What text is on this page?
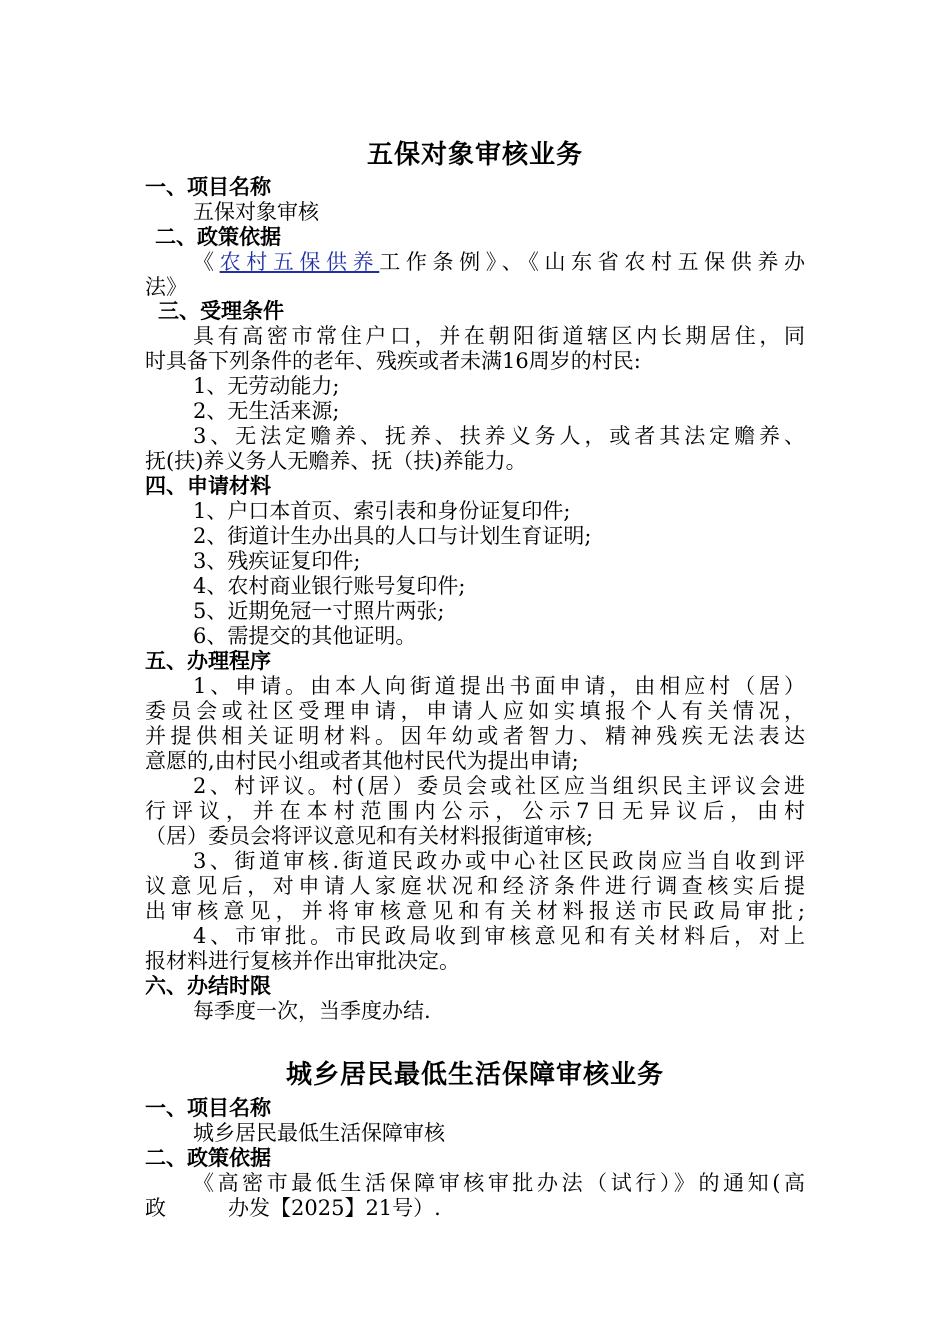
五保对象审核业务
一、项目名称
五保对象审核
二、政策依据
《农村五保供养工作条例》、《山东省农村五保供养办
法》
三、受理条件
具有高密市常住户口，并在朝阳街道辖区内长期居住，同
时具备下列条件的老年、残疾或者未满16周岁的村民:
1、无劳动能力;
2、无生活来源;
3、无法定赡养、抚养、扶养义务人，或者其法定赡养、
抚(扶)养义务人无赡养、抚（扶)养能力。
四、申请材料
1、户口本首页、索引表和身份证复印件;
2、街道计生办出具的人口与计划生育证明;
3、残疾证复印件;
4、农村商业银行账号复印件;
5、近期免冠一寸照片两张;
6、需提交的其他证明。
五、办理程序
1、申请。由本人向街道提出书面申请，由相应村（居）
委员会或社区受理申请，申请人应如实填报个人有关情况，
并提供相关证明材料。因年幼或者智力、精神残疾无法表达
意愿的,由村民小组或者其他村民代为提出申请;
2、村评议。村(居）委员会或社区应当组织民主评议会进
行评议，并在本村范围内公示，公示7日无异议后，由村
（居）委员会将评议意见和有关材料报街道审核;
3、街道审核.街道民政办或中心社区民政岗应当自收到评
议意见后，对申请人家庭状况和经济条件进行调查核实后提
出审核意见，并将审核意见和有关材料报送市民政局审批;
4、市审批。市民政局收到审核意见和有关材料后，对上
报材料进行复核并作出审批决定。
六、办结时限
每季度一次，当季度办结.
城乡居民最低生活保障审核业务
一、项目名称
城乡居民最低生活保障审核
二、政策依据
《高密市最低生活保障审核审批办法（试行）》的通知(高
政	办发【2025】21号）.
